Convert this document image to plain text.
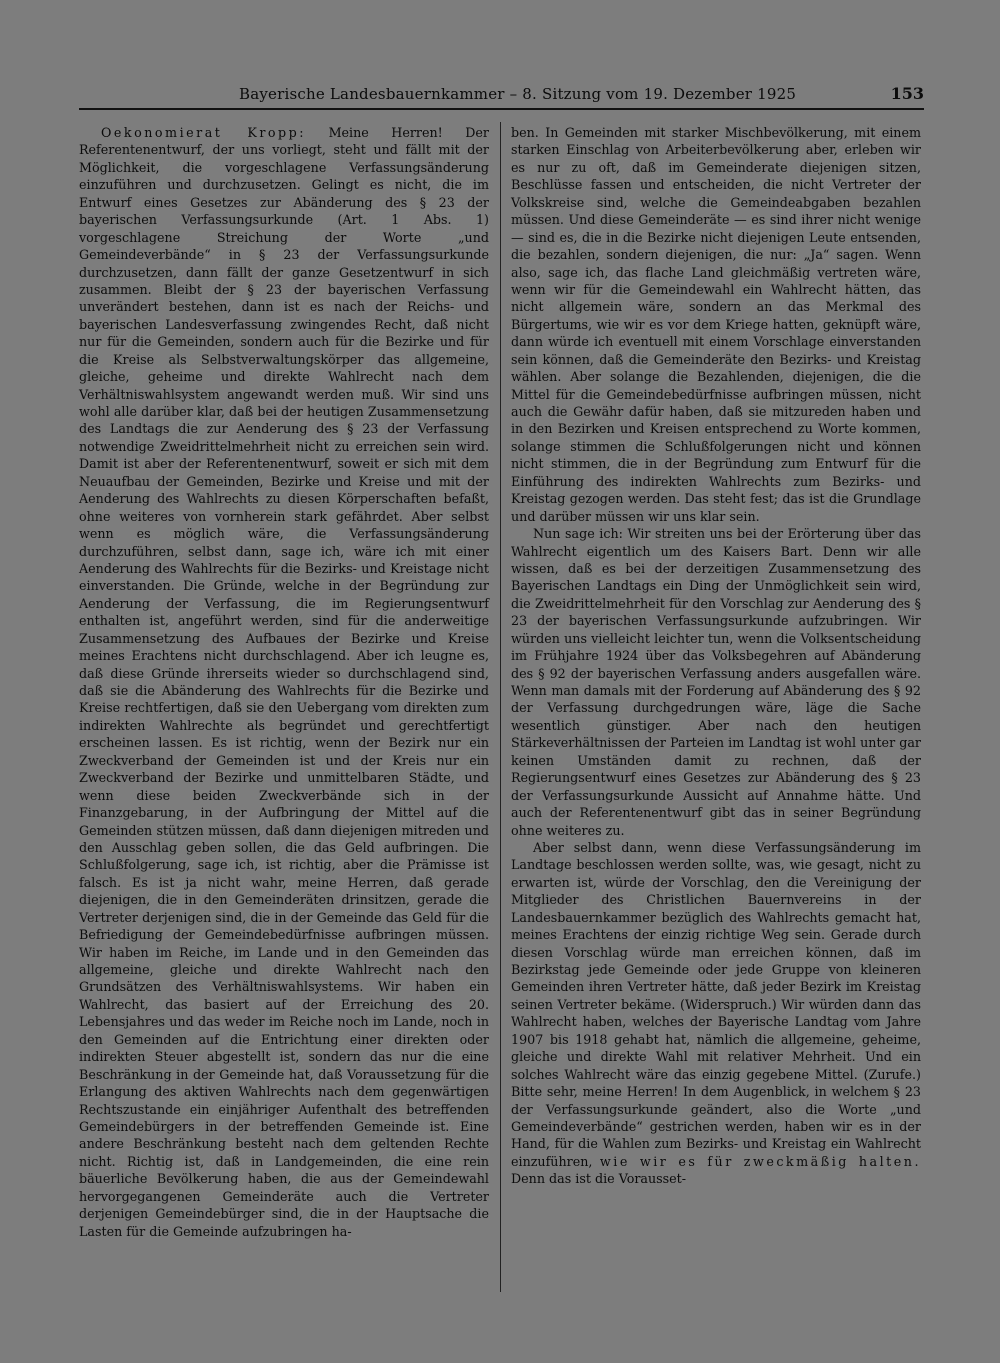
Bayerische Landesbauernkammer – 8. Sitzung vom 19. Dezember 1925	153

Oekonomierat Kropp: Meine Herren! Der Referentenentwurf, der uns vorliegt, steht und fällt mit der Möglichkeit, die vorgeschlagene Verfassungsänderung einzuführen und durchzusetzen. Gelingt es nicht, die im Entwurf eines Gesetzes zur Abänderung des § 23 der bayerischen Verfassungsurkunde (Art. 1 Abs. 1) vorgeschlagene Streichung der Worte „und Gemeindeverbände“ in § 23 der Verfassungsurkunde durchzusetzen, dann fällt der ganze Gesetzentwurf in sich zusammen. Bleibt der § 23 der bayerischen Verfassung unverändert bestehen, dann ist es nach der Reichs- und bayerischen Landesverfassung zwingendes Recht, daß nicht nur für die Gemeinden, sondern auch für die Bezirke und für die Kreise als Selbstverwaltungskörper das allgemeine, gleiche, geheime und direkte Wahlrecht nach dem Verhältniswahlsystem angewandt werden muß. Wir sind uns wohl alle darüber klar, daß bei der heutigen Zusammensetzung des Landtags die zur Aenderung des § 23 der Verfassung notwendige Zweidrittelmehrheit nicht zu erreichen sein wird. Damit ist aber der Referentenentwurf, soweit er sich mit dem Neuaufbau der Gemeinden, Bezirke und Kreise und mit der Aenderung des Wahlrechts zu diesen Körperschaften befaßt, ohne weiteres von vornherein stark gefährdet. Aber selbst wenn es möglich wäre, die Verfassungsänderung durchzuführen, selbst dann, sage ich, wäre ich mit einer Aenderung des Wahlrechts für die Bezirks- und Kreistage nicht einverstanden. Die Gründe, welche in der Begründung zur Aenderung der Verfassung, die im Regierungsentwurf enthalten ist, angeführt werden, sind für die anderweitige Zusammensetzung des Aufbaues der Bezirke und Kreise meines Erachtens nicht durchschlagend. Aber ich leugne es, daß diese Gründe ihrerseits wieder so durchschlagend sind, daß sie die Abänderung des Wahlrechts für die Bezirke und Kreise rechtfertigen, daß sie den Uebergang vom direkten zum indirekten Wahlrechte als begründet und gerechtfertigt erscheinen lassen. Es ist richtig, wenn der Bezirk nur ein Zweckverband der Gemeinden ist und der Kreis nur ein Zweckverband der Bezirke und unmittelbaren Städte, und wenn diese beiden Zweckverbände sich in der Finanzgebarung, in der Aufbringung der Mittel auf die Gemeinden stützen müssen, daß dann diejenigen mitreden und den Ausschlag geben sollen, die das Geld aufbringen. Die Schlußfolgerung, sage ich, ist richtig, aber die Prämisse ist falsch. Es ist ja nicht wahr, meine Herren, daß gerade diejenigen, die in den Gemeinderäten drinsitzen, gerade die Vertreter derjenigen sind, die in der Gemeinde das Geld für die Befriedigung der Gemeindebedürfnisse aufbringen müssen. Wir haben im Reiche, im Lande und in den Gemeinden das allgemeine, gleiche und direkte Wahlrecht nach den Grundsätzen des Verhältniswahlsystems. Wir haben ein Wahlrecht, das basiert auf der Erreichung des 20. Lebensjahres und das weder im Reiche noch im Lande, noch in den Gemeinden auf die Entrichtung einer direkten oder indirekten Steuer abgestellt ist, sondern das nur die eine Beschränkung in der Gemeinde hat, daß Voraussetzung für die Erlangung des aktiven Wahlrechts nach dem gegenwärtigen Rechtszustande ein einjähriger Aufenthalt des betreffenden Gemeindebürgers in der betreffenden Gemeinde ist. Eine andere Beschränkung besteht nach dem geltenden Rechte nicht. Richtig ist, daß in Landgemeinden, die eine rein bäuerliche Bevölkerung haben, die aus der Gemeindewahl hervorgegangenen Gemeinderäte auch die Vertreter derjenigen Gemeindebürger sind, die in der Hauptsache die Lasten für die Gemeinde aufzubringen ha-

ben. In Gemeinden mit starker Mischbevölkerung, mit einem starken Einschlag von Arbeiterbevölkerung aber, erleben wir es nur zu oft, daß im Gemeinderate diejenigen sitzen, Beschlüsse fassen und entscheiden, die nicht Vertreter der Volkskreise sind, welche die Gemeindeabgaben bezahlen müssen. Und diese Gemeinderäte — es sind ihrer nicht wenige — sind es, die in die Bezirke nicht diejenigen Leute entsenden, die bezahlen, sondern diejenigen, die nur: „Ja“ sagen. Wenn also, sage ich, das flache Land gleichmäßig vertreten wäre, wenn wir für die Gemeindewahl ein Wahlrecht hätten, das nicht allgemein wäre, sondern an das Merkmal des Bürgertums, wie wir es vor dem Kriege hatten, geknüpft wäre, dann würde ich eventuell mit einem Vorschlage einverstanden sein können, daß die Gemeinderäte den Bezirks- und Kreistag wählen. Aber solange die Bezahlenden, diejenigen, die die Mittel für die Gemeindebedürfnisse aufbringen müssen, nicht auch die Gewähr dafür haben, daß sie mitzureden haben und in den Bezirken und Kreisen entsprechend zu Worte kommen, solange stimmen die Schlußfolgerungen nicht und können nicht stimmen, die in der Begründung zum Entwurf für die Einführung des indirekten Wahlrechts zum Bezirks- und Kreistag gezogen werden. Das steht fest; das ist die Grundlage und darüber müssen wir uns klar sein.

Nun sage ich: Wir streiten uns bei der Erörterung über das Wahlrecht eigentlich um des Kaisers Bart. Denn wir alle wissen, daß es bei der derzeitigen Zusammensetzung des Bayerischen Landtags ein Ding der Unmöglichkeit sein wird, die Zweidrittelmehrheit für den Vorschlag zur Aenderung des § 23 der bayerischen Verfassungsurkunde aufzubringen. Wir würden uns vielleicht leichter tun, wenn die Volksentscheidung im Frühjahre 1924 über das Volksbegehren auf Abänderung des § 92 der bayerischen Verfassung anders ausgefallen wäre. Wenn man damals mit der Forderung auf Abänderung des § 92 der Verfassung durchgedrungen wäre, läge die Sache wesentlich günstiger. Aber nach den heutigen Stärkeverhältnissen der Parteien im Landtag ist wohl unter gar keinen Umständen damit zu rechnen, daß der Regierungsentwurf eines Gesetzes zur Abänderung des § 23 der Verfassungsurkunde Aussicht auf Annahme hätte. Und auch der Referentenentwurf gibt das in seiner Begründung ohne weiteres zu.

Aber selbst dann, wenn diese Verfassungsänderung im Landtage beschlossen werden sollte, was, wie gesagt, nicht zu erwarten ist, würde der Vorschlag, den die Vereinigung der Mitglieder des Christlichen Bauernvereins in der Landesbauernkammer bezüglich des Wahlrechts gemacht hat, meines Erachtens der einzig richtige Weg sein. Gerade durch diesen Vorschlag würde man erreichen können, daß im Bezirkstag jede Gemeinde oder jede Gruppe von kleineren Gemeinden ihren Vertreter hätte, daß jeder Bezirk im Kreistag seinen Vertreter bekäme. (Widerspruch.) Wir würden dann das Wahlrecht haben, welches der Bayerische Landtag vom Jahre 1907 bis 1918 gehabt hat, nämlich die allgemeine, geheime, gleiche und direkte Wahl mit relativer Mehrheit. Und ein solches Wahlrecht wäre das einzig gegebene Mittel. (Zurufe.) Bitte sehr, meine Herren! In dem Augenblick, in welchem § 23 der Verfassungsurkunde geändert, also die Worte „und Gemeindeverbände“ gestrichen werden, haben wir es in der Hand, für die Wahlen zum Bezirks- und Kreistag ein Wahlrecht einzuführen, wie wir es für zweckmäßig halten. Denn das ist die Vorausset-
